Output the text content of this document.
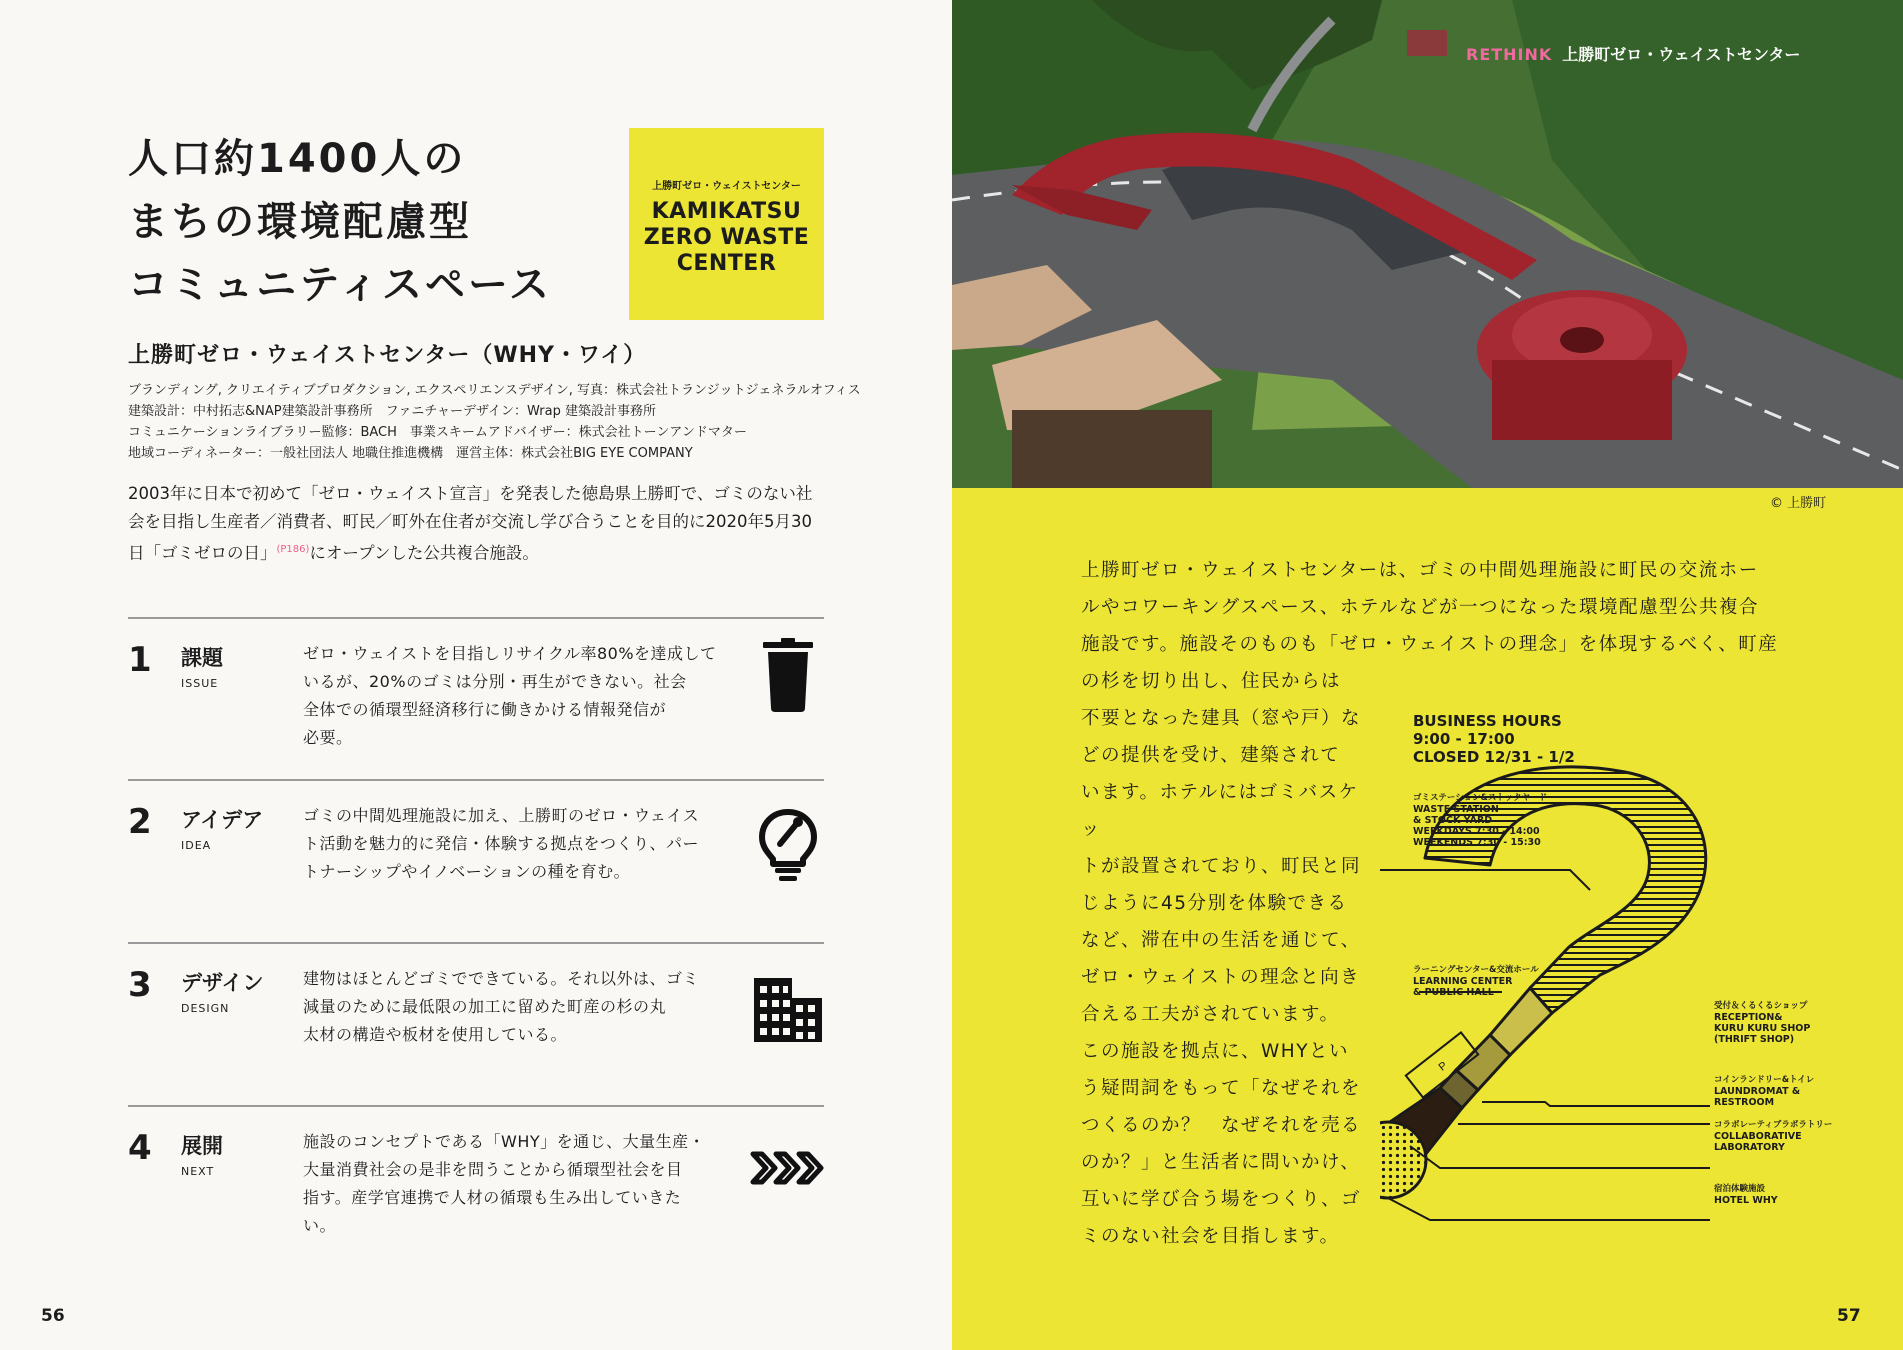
人口約1400人の
まちの環境配慮型
コミュニティスペース
上勝町ゼロ・ウェイストセンター
KAMIKATSU
ZERO WASTE
CENTER
上勝町ゼロ・ウェイストセンター（WHY・ワイ）
ブランディング, クリエイティブプロダクション, エクスペリエンスデザイン, 写真：株式会社トランジットジェネラルオフィス
建築設計：中村拓志&NAP建築設計事務所　ファニチャーデザイン：Wrap 建築設計事務所
コミュニケーションライブラリー監修：BACH　事業スキームアドバイザー：株式会社トーンアンドマター
地域コーディネーター：一般社団法人 地職住推進機構　運営主体：株式会社BIG EYE COMPANY
2003年に日本で初めて「ゼロ・ウェイスト宣言」を発表した徳島県上勝町で、ゴミのない社会を目指し生産者／消費者、町民／町外在住者が交流し学び合うことを目的に2020年5月30日「ゴミゼロの日」$^{(P186)}$にオープンした公共複合施設。
1 課題
ISSUE
ゼロ・ウェイストを目指しリサイクル率80%を達成して
いるが、20%のゴミは分別・再生ができない。社会
全体での循環型経済移行に働きかける情報発信が
必要。
2 アイデア
IDEA
ゴミの中間処理施設に加え、上勝町のゼロ・ウェイス
ト活動を魅力的に発信・体験する拠点をつくり、パー
トナーシップやイノベーションの種を育む。
3 デザイン
DESIGN
建物はほとんどゴミでできている。それ以外は、ゴミ
減量のために最低限の加工に留めた町産の杉の丸
太材の構造や板材を使用している。
4 展開
NEXT
施設のコンセプトである「WHY」を通じ、大量生産・
大量消費社会の是非を問うことから循環型社会を目
指す。産学官連携で人材の循環も生み出していきた
い。
56
RETHINK 上勝町ゼロ・ウェイストセンター
© 上勝町
上勝町ゼロ・ウェイストセンターは、ゴミの中間処理施設に町民の交流ホー
ルやコワーキングスペース、ホテルなどが一つになった環境配慮型公共複合
施設です。施設そのものも「ゼロ・ウェイストの理念」を体現するべく、町産
の杉を切り出し、住民からは
不要となった建具（窓や戸）な
どの提供を受け、建築されて
います。ホテルにはゴミバスケッ
トが設置されており、町民と同
じように45分別を体験できる
など、滞在中の生活を通じて、
ゼロ・ウェイストの理念と向き
合える工夫がされています。
この施設を拠点に、WHYとい
う疑問詞をもって「なぜそれを
つくるのか？　なぜそれを売る
のか？」と生活者に問いかけ、
互いに学び合う場をつくり、ゴ
ミのない社会を目指します。
BUSINESS HOURS
9:00 - 17:00
CLOSED 12/31 - 1/2
P
ゴミステーション&ストックヤード
WASTE STATION
& STOCK YARD
WEEKDAYS 7:30 - 14:00
WEEKENDS 7:30 - 15:30
ラーニングセンター&交流ホール
LEARNING CENTER
& PUBLIC HALL
受付＆くるくるショップ
RECEPTION&
KURU KURU SHOP
(THRIFT SHOP)
コインランドリー&トイレ
LAUNDROMAT &
RESTROOM
コラボレーティブラボラトリー
COLLABORATIVE
LABORATORY
宿泊体験施設
HOTEL WHY
57
